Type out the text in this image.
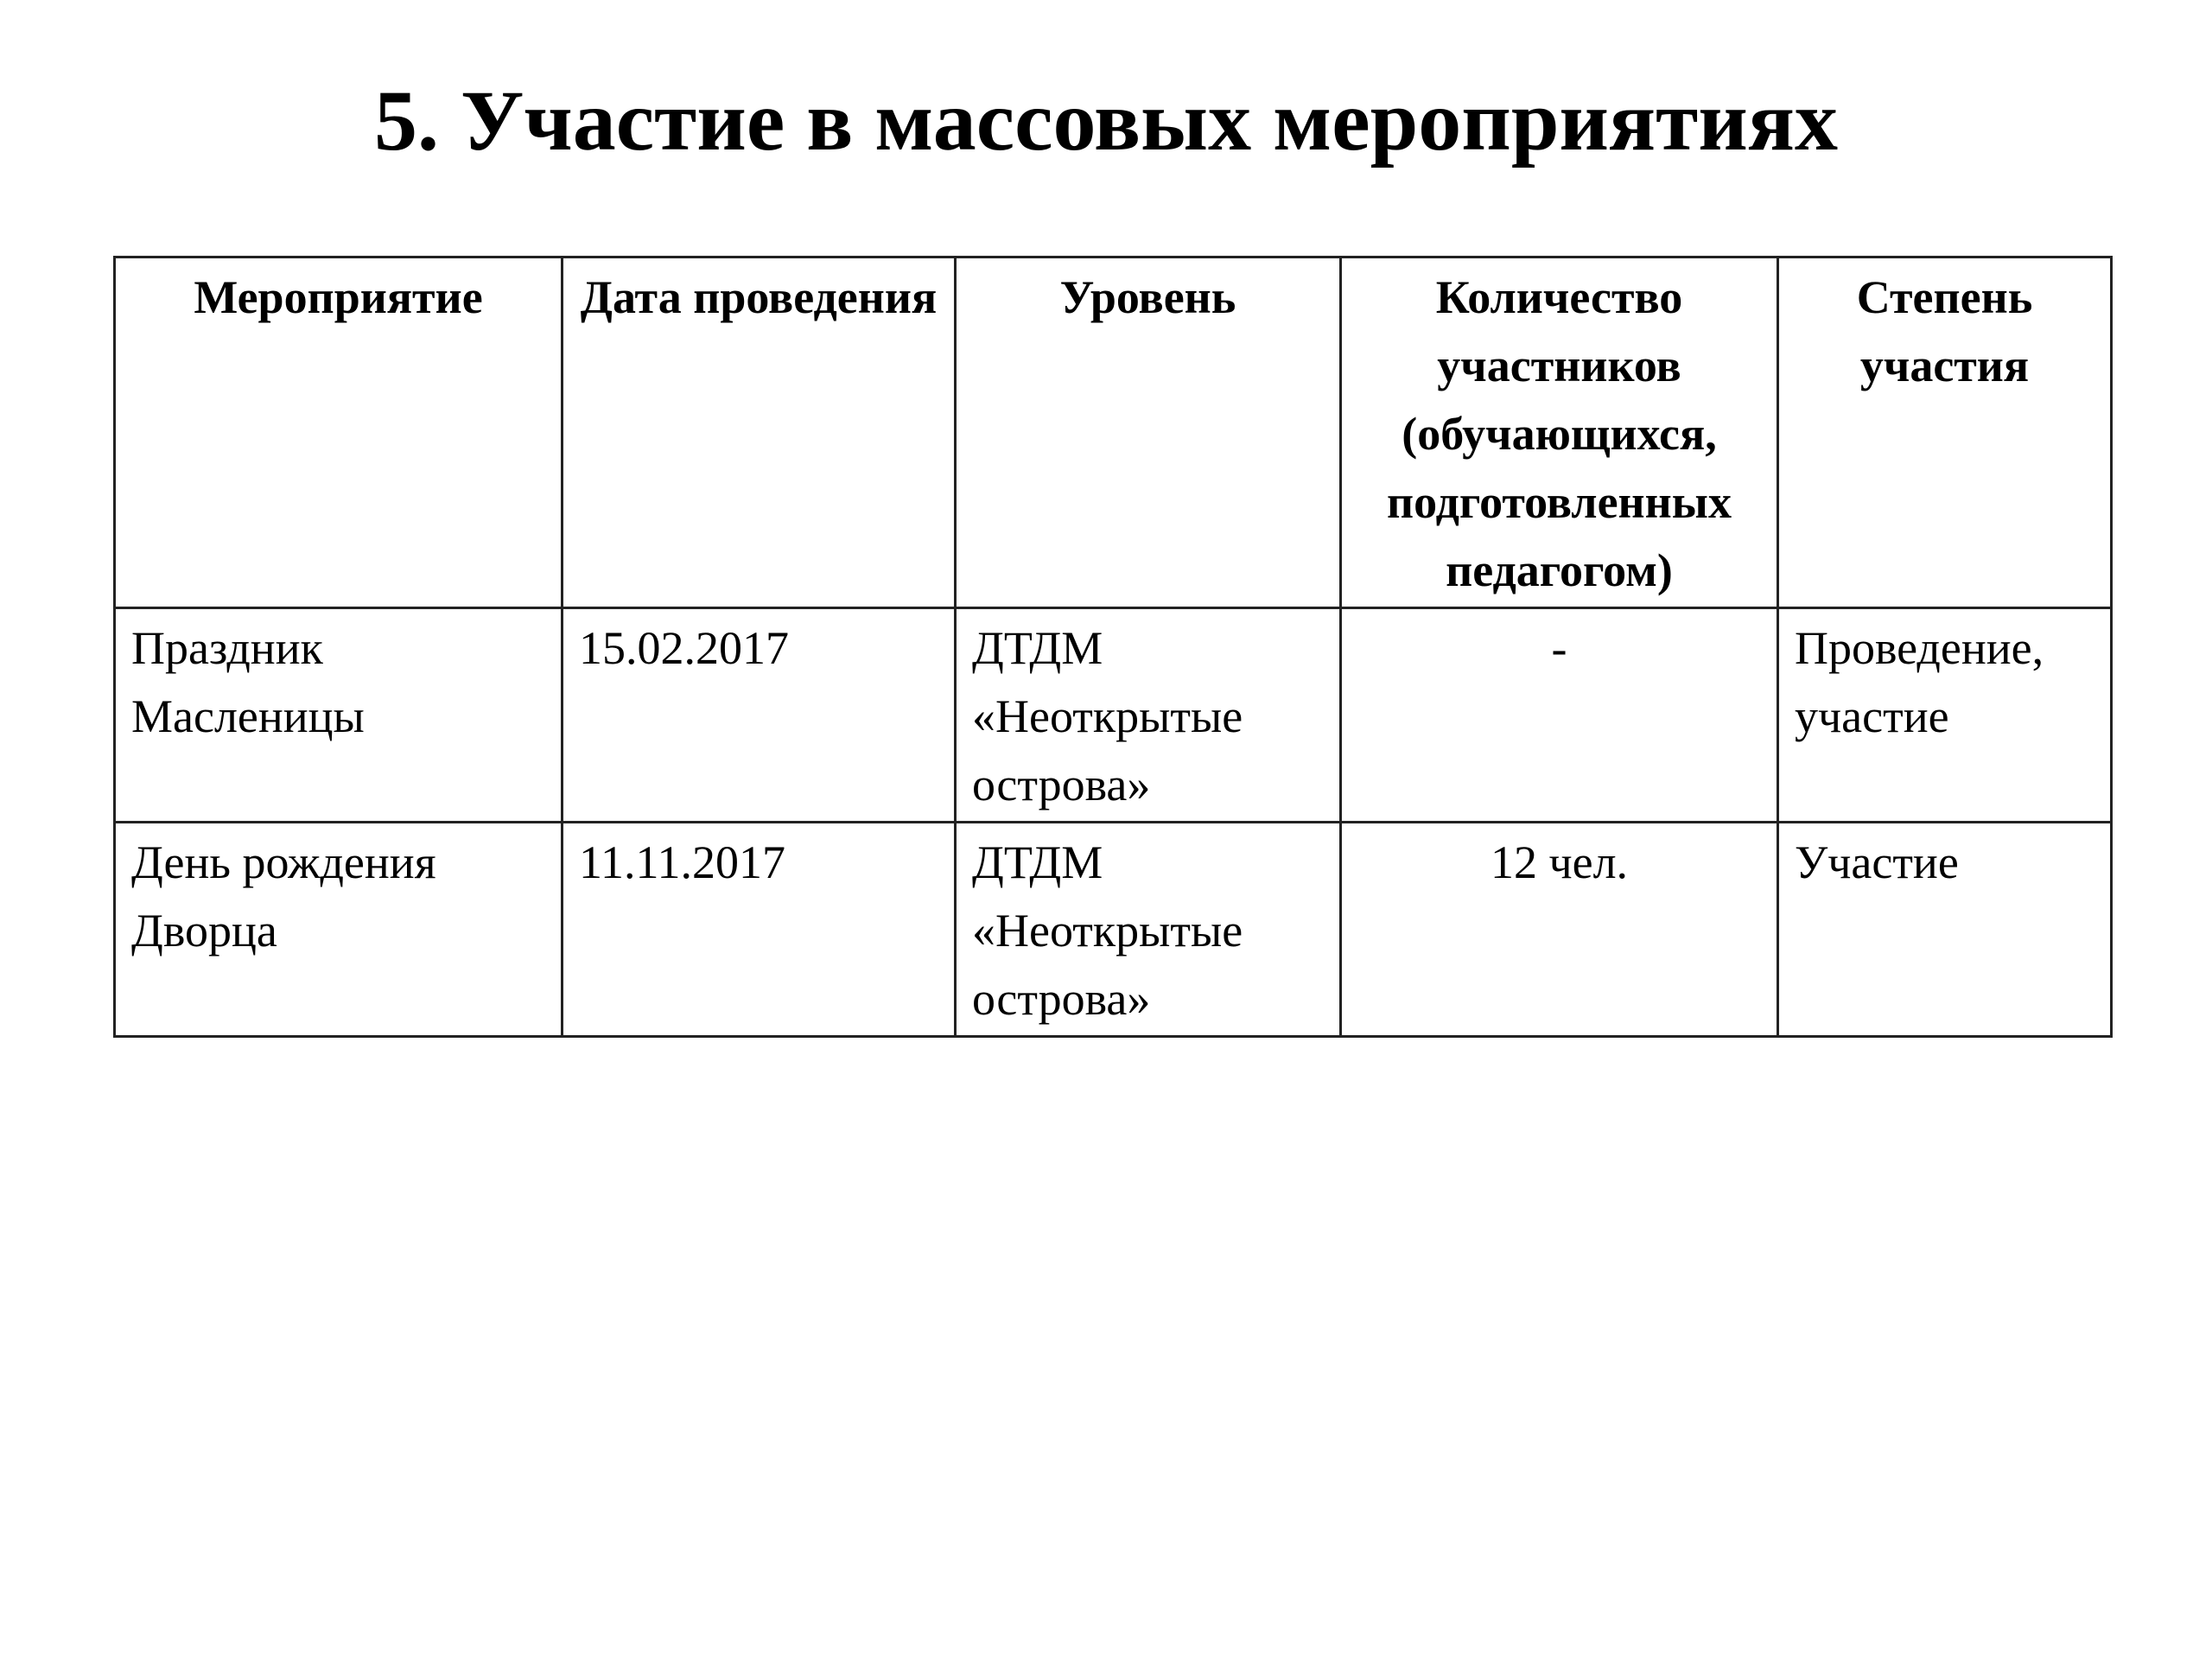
5. Участие в массовых мероприятиях
Мероприятие	Дата проведения	Уровень	Количество участников (обучающихся, подготовленных педагогом)	Степень участия
Праздник Масленицы	15.02.2017	ДТДМ «Неоткрытые острова»	-	Проведение, участие
День рождения Дворца	11.11.2017	ДТДМ «Неоткрытые острова»	12 чел.	Участие
